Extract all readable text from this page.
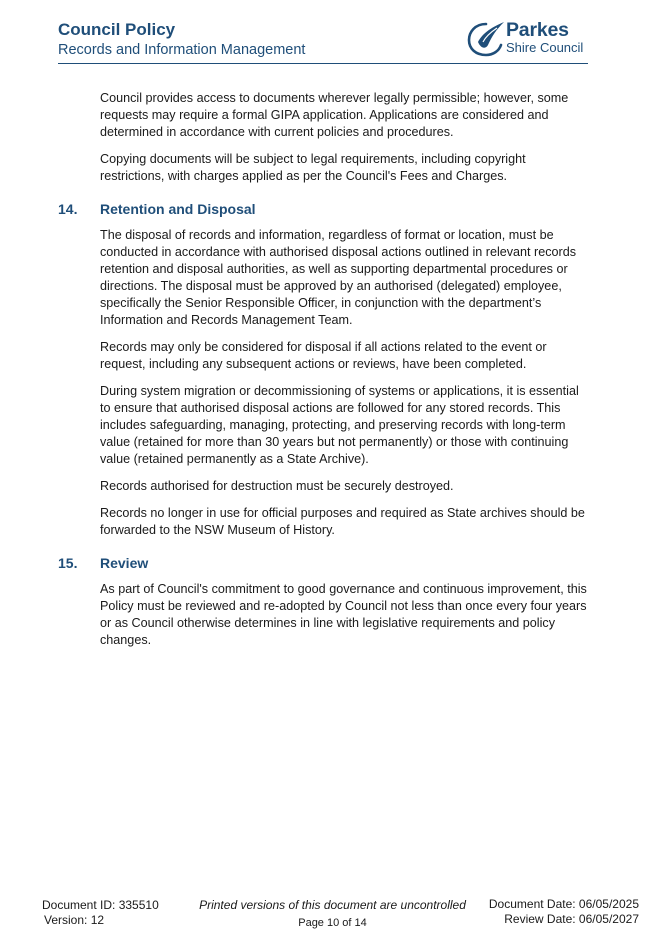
Council Policy
Records and Information Management
Parkes
Shire Council

Council provides access to documents wherever legally permissible; however, some requests may require a formal GIPA application. Applications are considered and determined in accordance with current policies and procedures.

Copying documents will be subject to legal requirements, including copyright restrictions, with charges applied as per the Council's Fees and Charges.

14. Retention and Disposal

The disposal of records and information, regardless of format or location, must be conducted in accordance with authorised disposal actions outlined in relevant records retention and disposal authorities, as well as supporting departmental procedures or directions. The disposal must be approved by an authorised (delegated) employee, specifically the Senior Responsible Officer, in conjunction with the department’s Information and Records Management Team.

Records may only be considered for disposal if all actions related to the event or request, including any subsequent actions or reviews, have been completed.

During system migration or decommissioning of systems or applications, it is essential to ensure that authorised disposal actions are followed for any stored records. This includes safeguarding, managing, protecting, and preserving records with long-term value (retained for more than 30 years but not permanently) or those with continuing value (retained permanently as a State Archive).

Records authorised for destruction must be securely destroyed.

Records no longer in use for official purposes and required as State archives should be forwarded to the NSW Museum of History.

15. Review

As part of Council's commitment to good governance and continuous improvement, this Policy must be reviewed and re-adopted by Council not less than once every four years or as Council otherwise determines in line with legislative requirements and policy changes.

Document ID: 335510
Version: 12
Printed versions of this document are uncontrolled
Page 10 of 14
Document Date: 06/05/2025
Review Date: 06/05/2027
